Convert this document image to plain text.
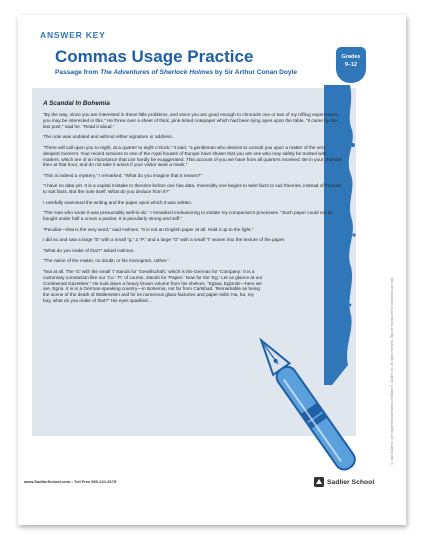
ANSWER KEY
Commas Usage Practice
Passage from The Adventures of Sherlock Holmes by Sir Arthur Conan Doyle
Grades
9–12
A Scandal In Bohemia

“By the way, since you are interested in these little problems, and since you are good enough to chronicle one or two of my trifling experiences, you may be interested in this.” He threw over a sheet of thick, pink-tinted notepaper which had been lying open upon the table. “It came by the last post,” said he. “Read it aloud.”

The note was undated and without either signature or address.

“There will call upon you to-night, at a quarter to eight o’clock,” it said, “a gentleman who desires to consult you upon a matter of the very deepest moment. Your recent services to one of the royal houses of Europe have shown that you are one who may safely be trusted with matters, which are of an importance that can hardly be exaggerated. This account of you we have from all quarters received. Be in your chamber then at that hour, and do not take it amiss if your visitor wear a mask.”

“This is indeed a mystery,” I remarked. “What do you imagine that it means?”

“I have no data yet. It is a capital mistake to theorize before one has data. Insensibly one begins to twist facts to suit theories, instead of theories to suit facts. But the note itself. What do you deduce from it?”

I carefully examined the writing and the paper upon which it was written.

“The man who wrote it was presumably well-to-do,” I remarked endeavoring to imitate my companion’s processes. “Such paper could not be bought under half a crown a packet. It is peculiarly strong and stiff.”

“Peculiar—that is the very word,” said Holmes. “It is not an English paper at all. Hold it up to the light.”

I did so and saw a large “E” with a small “g,” a “P,” and a large “G” with a small “t” woven into the texture of the paper.

“What do you make of that?” asked Holmes.

“The name of the maker, no doubt; or his monogram, rather.”

“Not at all. The ‘G’ with the small ‘t’ stands for ‘Gesellschaft,’ which is the German for ‘Company.’ It is a customary contraction like our ‘Co.’ ‘P,’ of course, stands for ‘Papier.’ Now for the ‘Eg.’ Let us glance at our Continental Gazetteer.” He took down a heavy brown volume from his shelves. “Eglow, Eglonitz—here we are, Egria. It is in a German-speaking country—in Bohemia, not far from Carlsbad. ‘Remarkable as being the scene of the death of Wallenstein and for its numerous glass-factories and paper-mills.’Ha, ha, my boy, what do you make of that?” His eyes sparkled…	® and Sadlier® are registered trademarks of William H. Sadlier, Inc. All rights reserved. May be reproduced for classroom use only.
www.SadlierSchool.com • Toll Free 800-221-5175	Sadlier School
